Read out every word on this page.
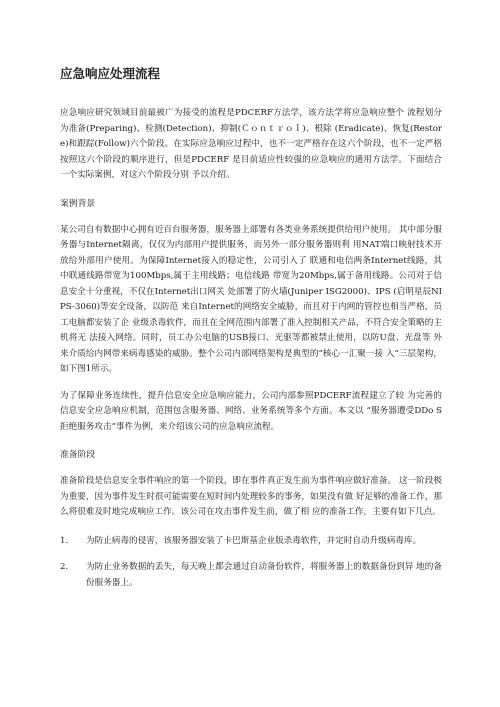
应急响应处理流程

应急响应研究领域目前最被广为接受的流程是PDCERF方法学，该方法学将应急响应整个 流程划分为准备(Preparing)、检测(Detection)、抑制(Ｃｏｎｔｒｏｌ)、根除 (Eradicate)、恢复(Restore)和跟踪(Follow)六个阶段。在实际应急响应过程中，也不一定严格存在这六个阶段，也不一定严格按照这六个阶段的顺序进行，但是PDCERF 是目前适应性较强的应急响应的通用方法学。下面结合一个实际案例，对这六个阶段分别 予以介绍。

案例背景

某公司自有数据中心拥有近百台服务器，服务器上部署有各类业务系统提供给用户使用。 其中部分服务器与Internet隔离，仅仅为内部用户提供服务，而另外一部分服务器则利 用NAT端口映射技术开放给外部用户使用。为保障Internet接入的稳定性，公司引入了 联通和电信两条Internet线路，其中联通线路带宽为100Mbps,属于主用线路；电信线路 带宽为20Mbps,属于备用线路。公司对于信息安全十分重视，不仅在Internet出口网关 处部署了防火墙(Juniper ISG2000)、IPS (启明星辰NIPS-3060)等安全设备，以防范 来自Internet的网络安全威胁，而且对于内网的管控也相当严格，员工电脑都安装了企 业级杀毒软件，而且在全网范围内部署了准入控制相关产品，不符合安全策略的主机将无 法接入网络。同时，员工办公电脑的USB接口、光驱等都被禁止使用，以防U盘、光盘等 外来介质给内网带来病毒感染的威胁。整个公司内部网络架构是典型的“核心一汇聚一接 入”三层架构，如下图1所示。

为了保障业务连续性，提升信息安全应急响应能力，公司内部参照PDCERF流程建立了较 为完善的信息安全应急响应机制，范围包含服务器、网络、业务系统等多个方面。本文以 “服务器遭受DDo S拒绝服务攻击”事件为例，来介绍该公司的应急响应流程。

准备阶段

准备阶段是信息安全事件响应的第一个阶段，即在事件真正发生前为事件响应做好准备。 这一阶段极为重要，因为事件发生时很可能需要在短时间内处理较多的事务，如果没有做 好足够的准备工作，那么将很难及时地完成响应工作。该公司在攻击事件发生前，做了相 应的准备工作，主要有如下几点。

1.	为防止病毒的侵害，该服务器安装了卡巴斯基企业版杀毒软件，并定时自动升级病毒库。

2.	为防止业务数据的丢失，每天晚上都会通过自动备份软件，将服务器上的数据备份到异 地的备份服务器上。
